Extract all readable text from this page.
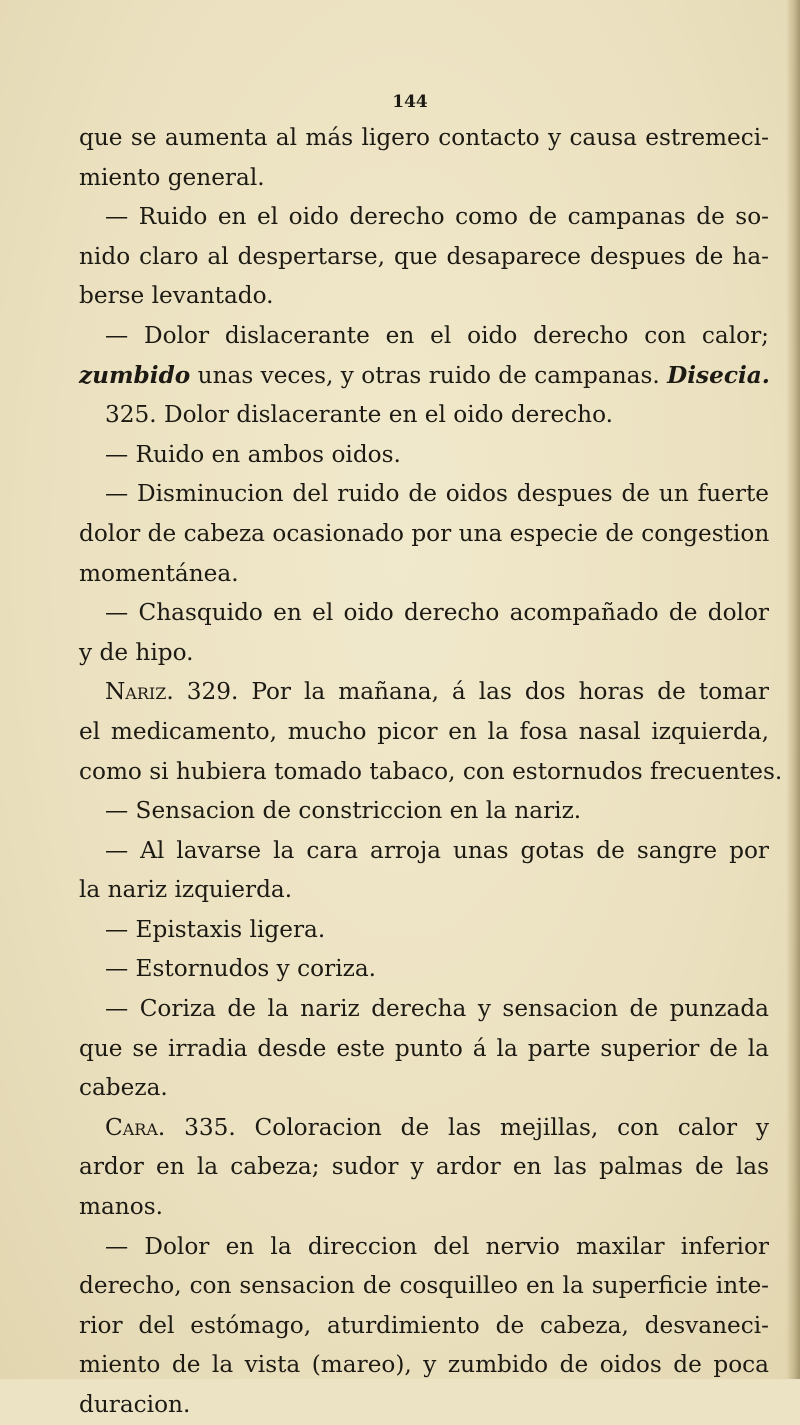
144
que se aumenta al más ligero contacto y causa estremeci-
miento general.
— Ruido en el oido derecho como de campanas de so-
nido claro al despertarse, que desaparece despues de ha-
berse levantado.
— Dolor dislacerante en el oido derecho con calor;
zumbido unas veces, y otras ruido de campanas. Disecia.
325. Dolor dislacerante en el oido derecho.
— Ruido en ambos oidos.
— Disminucion del ruido de oidos despues de un fuerte
dolor de cabeza ocasionado por una especie de congestion
momentánea.
— Chasquido en el oido derecho acompañado de dolor
y de hipo.
Nariz. 329. Por la mañana, á las dos horas de tomar
el medicamento, mucho picor en la fosa nasal izquierda,
como si hubiera tomado tabaco, con estornudos frecuentes.
— Sensacion de constriccion en la nariz.
— Al lavarse la cara arroja unas gotas de sangre por
la nariz izquierda.
— Epistaxis ligera.
— Estornudos y coriza.
— Coriza de la nariz derecha y sensacion de punzada
que se irradia desde este punto á la parte superior de la
cabeza.
Cara. 335. Coloracion de las mejillas, con calor y
ardor en la cabeza; sudor y ardor en las palmas de las
manos.
— Dolor en la direccion del nervio maxilar inferior
derecho, con sensacion de cosquilleo en la superficie inte-
rior del estómago, aturdimiento de cabeza, desvaneci-
miento de la vista (mareo), y zumbido de oidos de poca
duracion.
